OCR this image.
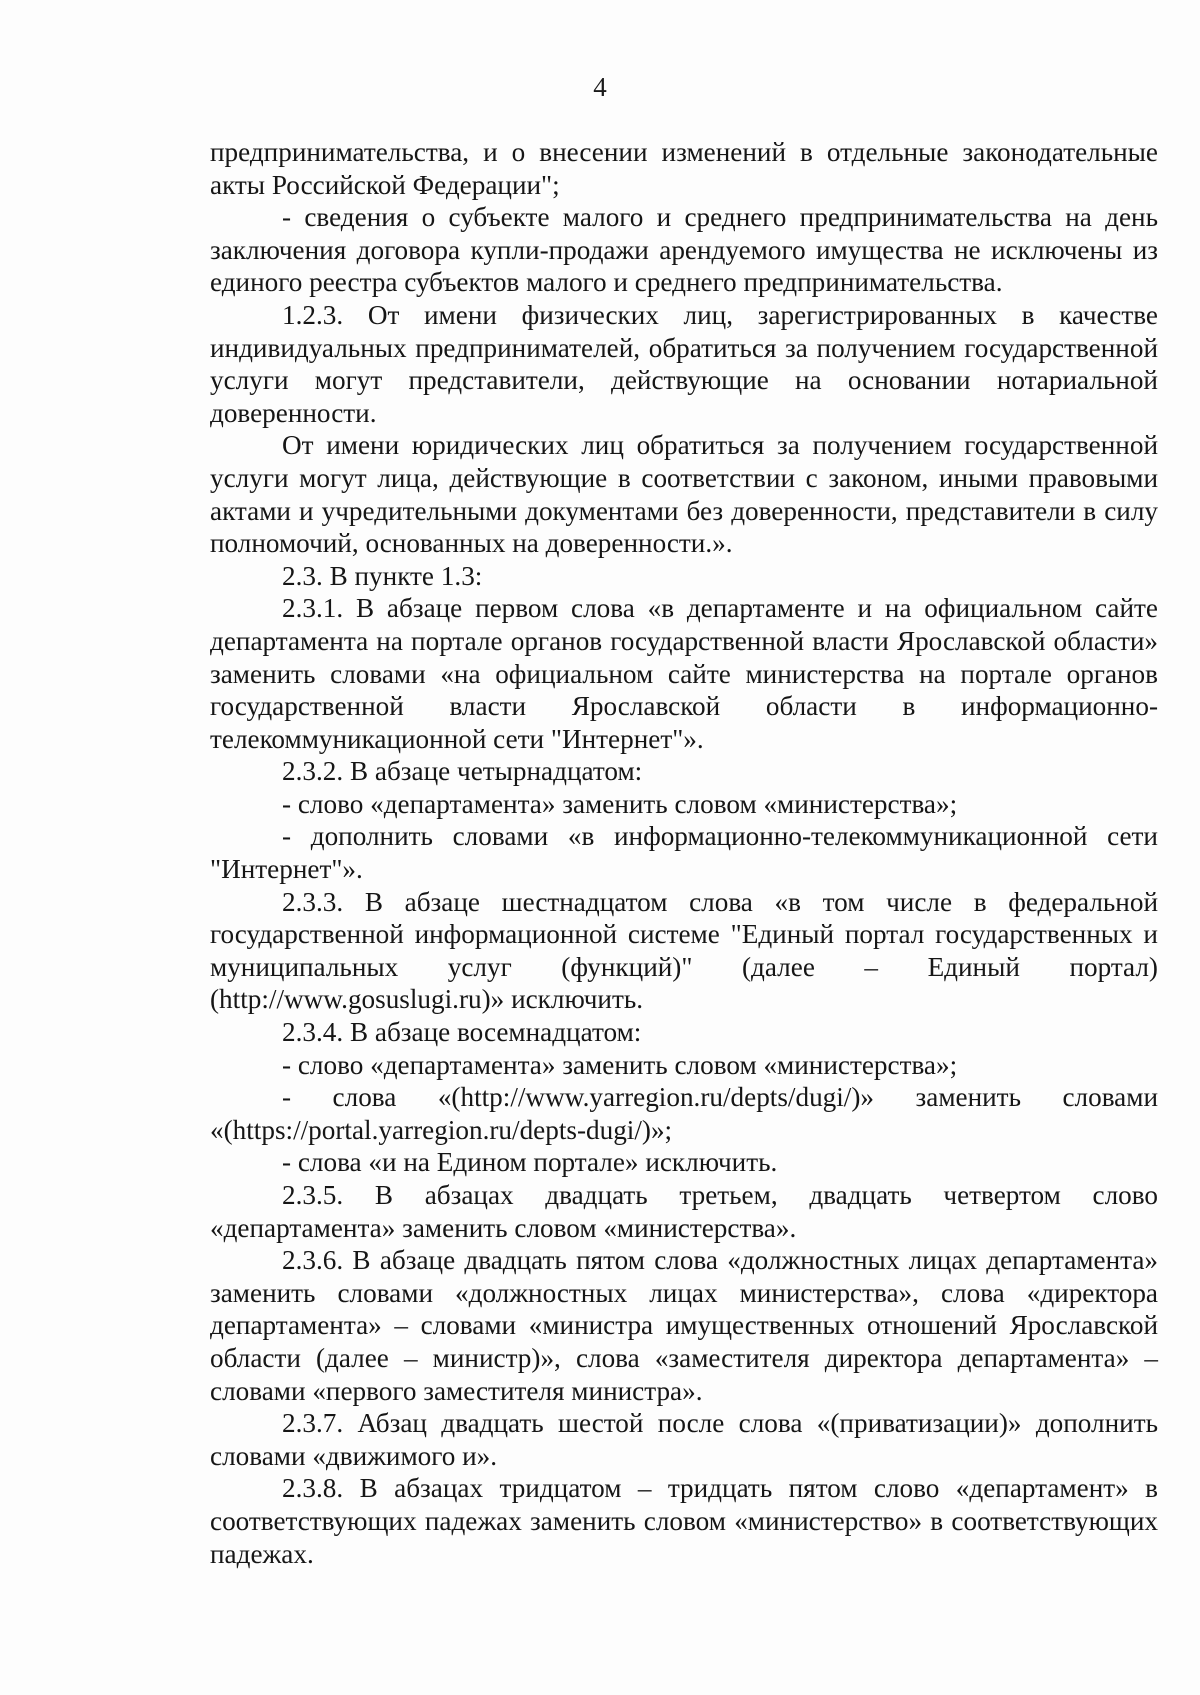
4

предпринимательства, и о внесении изменений в отдельные законодательные акты Российской Федерации";

- сведения о субъекте малого и среднего предпринимательства на день заключения договора купли-продажи арендуемого имущества не исключены из единого реестра субъектов малого и среднего предпринимательства.

1.2.3. От имени физических лиц, зарегистрированных в качестве индивидуальных предпринимателей, обратиться за получением государственной услуги могут представители, действующие на основании нотариальной доверенности.

От имени юридических лиц обратиться за получением государственной услуги могут лица, действующие в соответствии с законом, иными правовыми актами и учредительными документами без доверенности, представители в силу полномочий, основанных на доверенности.».

2.3. В пункте 1.3:

2.3.1. В абзаце первом слова «в департаменте и на официальном сайте департамента на портале органов государственной власти Ярославской области» заменить словами «на официальном сайте министерства на портале органов государственной власти Ярославской области в информационно-телекоммуникационной сети "Интернет"».

2.3.2. В абзаце четырнадцатом:

- слово «департамента» заменить словом «министерства»;

- дополнить словами «в информационно-телекоммуникационной сети "Интернет"».

2.3.3. В абзаце шестнадцатом слова «в том числе в федеральной государственной информационной системе "Единый портал государственных и муниципальных услуг (функций)" (далее – Единый портал) (http://www.gosuslugi.ru)» исключить.

2.3.4. В абзаце восемнадцатом:

- слово «департамента» заменить словом «министерства»;

- слова «(http://www.yarregion.ru/depts/dugi/)» заменить словами «(https://portal.yarregion.ru/depts-dugi/)»;

- слова «и на Едином портале» исключить.

2.3.5. В абзацах двадцать третьем, двадцать четвертом слово «департамента» заменить словом «министерства».

2.3.6. В абзаце двадцать пятом слова «должностных лицах департамента» заменить словами «должностных лицах министерства», слова «директора департамента» – словами «министра имущественных отношений Ярославской области (далее – министр)», слова «заместителя директора департамента» – словами «первого заместителя министра».

2.3.7. Абзац двадцать шестой после слова «(приватизации)» дополнить словами «движимого и».

2.3.8. В абзацах тридцатом – тридцать пятом слово «департамент» в соответствующих падежах заменить словом «министерство» в соответствующих падежах.
